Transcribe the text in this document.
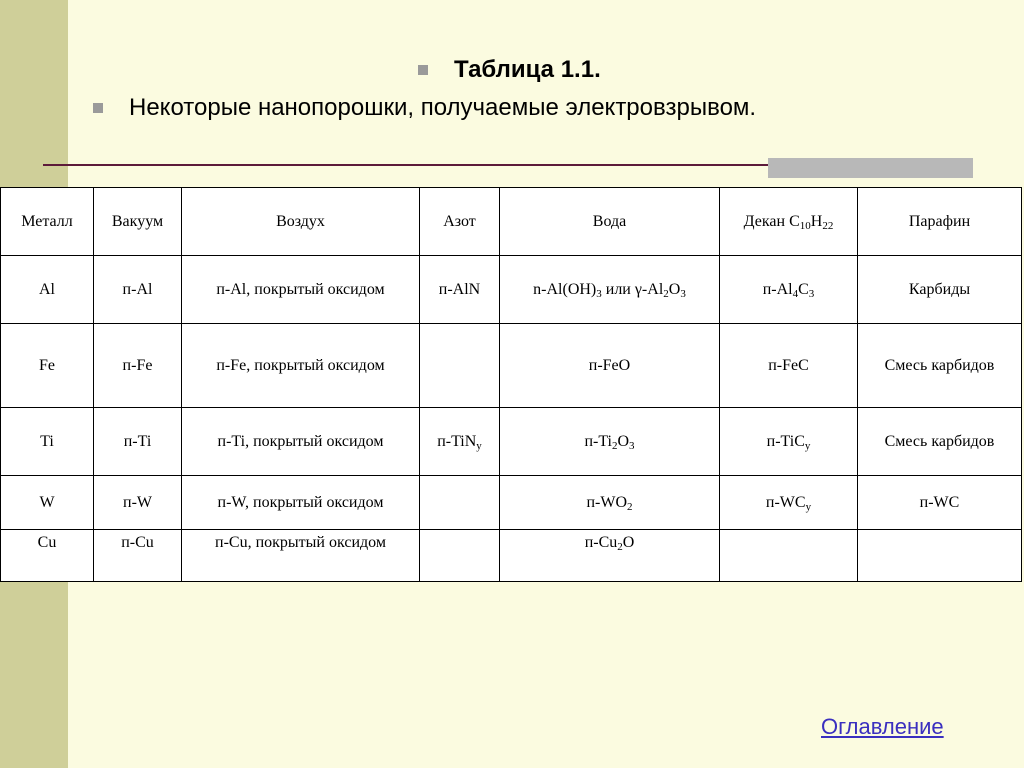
Таблица 1.1.
Некоторые нанопорошки, получаемые электровзрывом.
Металл	Вакуум	Воздух	Азот	Вода	Декан $C_{10}H_{22}$	Парафин
Al	п-Al	п-Al, покрытый оксидом	п-AlN	$n-Al(OH)_3$ или $\gamma-Al_2O_3$	$п-Al_4C_3$	Карбиды
Fe	п-Fe	п-Fe, покрытый оксидом		п-FeO	п-FeC	Смесь карбидов
Ti	п-Ti	п-Ti, покрытый оксидом	п-TiN$_y$	$п-Ti_2O_3$	п-TiC$_y$	Смесь карбидов
W	п-W	п-W, покрытый оксидом		$п-WO_2$	$п-WC_y$	п-WC
Cu	п-Cu	п-Cu, покрытый оксидом		$п-Cu_2O$		
Оглавление
